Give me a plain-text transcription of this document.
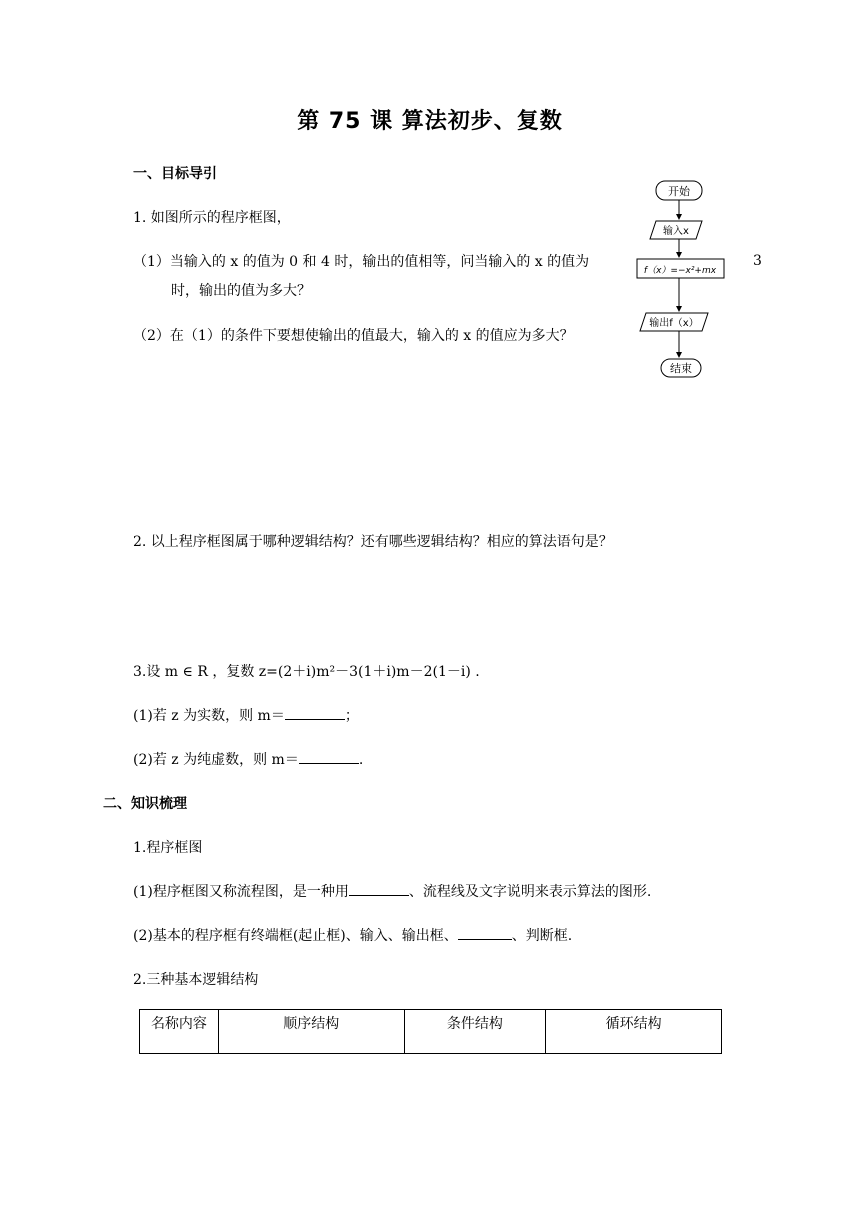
第 75 课 算法初步、复数
一、目标导引
1. 如图所示的程序框图，
（1）当输入的 x 的值为 0 和 4 时，输出的值相等，问当输入的 x 的值为	3
时，输出的值为多大？
（2）在（1）的条件下要想使输出的值最大，输入的 x 的值应为多大？
开始
输入x
f（x）=−x²+mx
输出f（x）
结束
2. 以上程序框图属于哪种逻辑结构？还有哪些逻辑结构？相应的算法语句是？
3.设 m ∈ R ，复数 z=(2＋i)m²－3(1＋i)m－2(1－i) .
(1)若 z 为实数，则 m＝	；
(2)若 z 为纯虚数，则 m＝	.
二、知识梳理
1.程序框图
(1)程序框图又称流程图，是一种用	、流程线及文字说明来表示算法的图形.
(2)基本的程序框有终端框(起止框)、输入、输出框、	、判断框.
2.三种基本逻辑结构
名称内容	顺序结构	条件结构	循环结构
